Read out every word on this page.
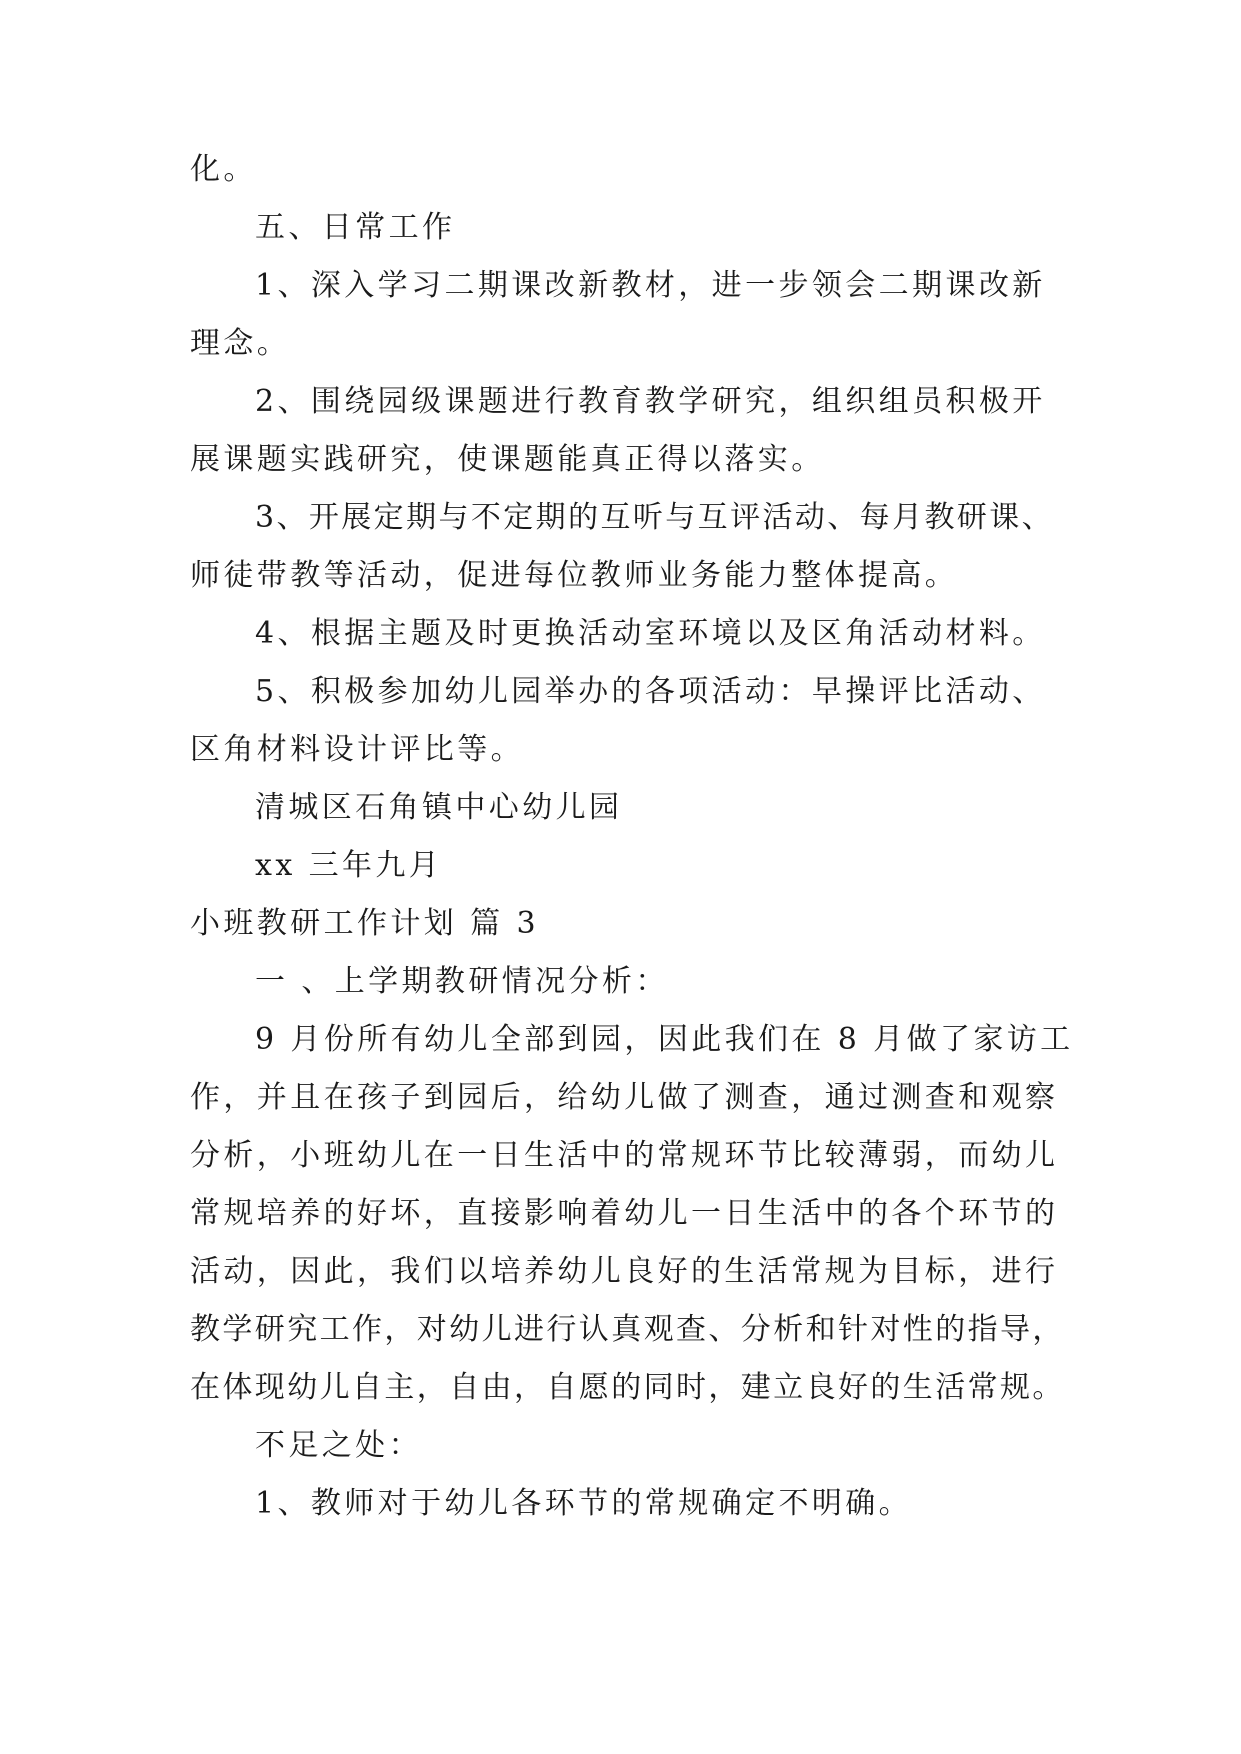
化。
五、日常工作
1、深入学习二期课改新教材，进一步领会二期课改新
理念。
2、围绕园级课题进行教育教学研究，组织组员积极开
展课题实践研究，使课题能真正得以落实。
3、开展定期与不定期的互听与互评活动、每月教研课、
师徒带教等活动，促进每位教师业务能力整体提高。
4、根据主题及时更换活动室环境以及区角活动材料。
5、积极参加幼儿园举办的各项活动：早操评比活动、
区角材料设计评比等。
清城区石角镇中心幼儿园
xx 三年九月
小班教研工作计划 篇 3
一 、上学期教研情况分析：
9 月份所有幼儿全部到园，因此我们在 8 月做了家访工
作，并且在孩子到园后，给幼儿做了测查，通过测查和观察
分析，小班幼儿在一日生活中的常规环节比较薄弱，而幼儿
常规培养的好坏，直接影响着幼儿一日生活中的各个环节的
活动，因此，我们以培养幼儿良好的生活常规为目标，进行
教学研究工作，对幼儿进行认真观查、分析和针对性的指导，
在体现幼儿自主，自由，自愿的同时，建立良好的生活常规。
不足之处：
1、教师对于幼儿各环节的常规确定不明确。
